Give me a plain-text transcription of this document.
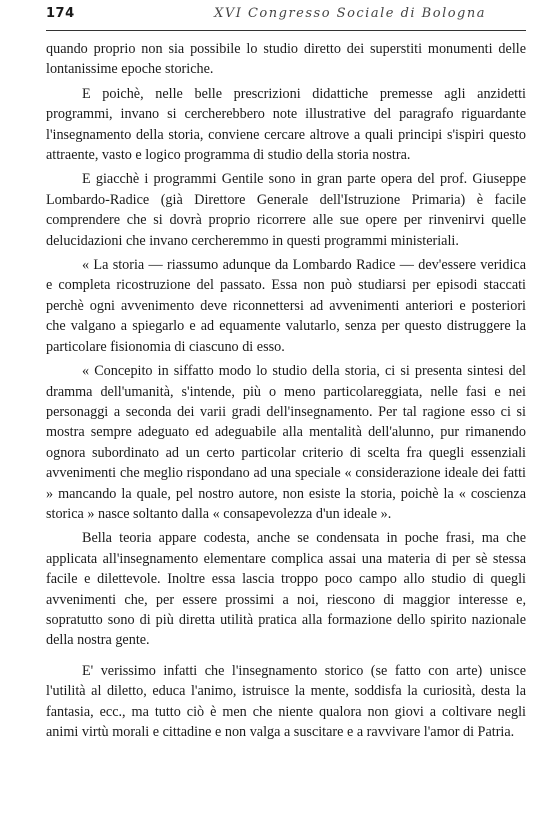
174	XVI Congresso Sociale di Bologna

quando proprio non sia possibile lo studio diretto dei superstiti monumenti delle lontanissime epoche storiche.

E poichè, nelle belle prescrizioni didattiche premesse agli anzidetti programmi, invano si cercherebbero note illustrative del paragrafo riguardante l'insegnamento della storia, conviene cercare altrove a quali principi s'ispiri questo attraente, vasto e logico programma di studio della storia nostra.

E giacchè i programmi Gentile sono in gran parte opera del prof. Giuseppe Lombardo-Radice (già Direttore Generale dell'Istruzione Primaria) è facile comprendere che si dovrà proprio ricorrere alle sue opere per rinvenirvi quelle delucidazioni che invano cercheremmo in questi programmi ministeriali.

« La storia — riassumo adunque da Lombardo Radice — dev'essere veridica e completa ricostruzione del passato. Essa non può studiarsi per episodi staccati perchè ogni avvenimento deve riconnettersi ad avvenimenti anteriori e posteriori che valgano a spiegarlo e ad equamente valutarlo, senza per questo distruggere la particolare fisionomia di ciascuno di esso.

« Concepito in siffatto modo lo studio della storia, ci si presenta sintesi del dramma dell'umanità, s'intende, più o meno particolareggiata, nelle fasi e nei personaggi a seconda dei varii gradi dell'insegnamento. Per tal ragione esso ci si mostra sempre adeguato ed adeguabile alla mentalità dell'alunno, pur rimanendo ognora subordinato ad un certo particolar criterio di scelta fra quegli essenziali avvenimenti che meglio rispondano ad una speciale « considerazione ideale dei fatti » mancando la quale, pel nostro autore, non esiste la storia, poichè la « coscienza storica » nasce soltanto dalla « consapevolezza d'un ideale ».

Bella teoria appare codesta, anche se condensata in poche frasi, ma che applicata all'insegnamento elementare complica assai una materia di per sè stessa facile e dilettevole. Inoltre essa lascia troppo poco campo allo studio di quegli avvenimenti che, per essere prossimi a noi, riescono di maggior interesse e, sopratutto sono di più diretta utilità pratica alla formazione dello spirito nazionale della nostra gente.

E' verissimo infatti che l'insegnamento storico (se fatto con arte) unisce l'utilità al diletto, educa l'animo, istruisce la mente, soddisfa la curiosità, desta la fantasia, ecc., ma tutto ciò è men che niente qualora non giovi a coltivare negli animi virtù morali e cittadine e non valga a suscitare e a ravvivare l'amor di Patria.
